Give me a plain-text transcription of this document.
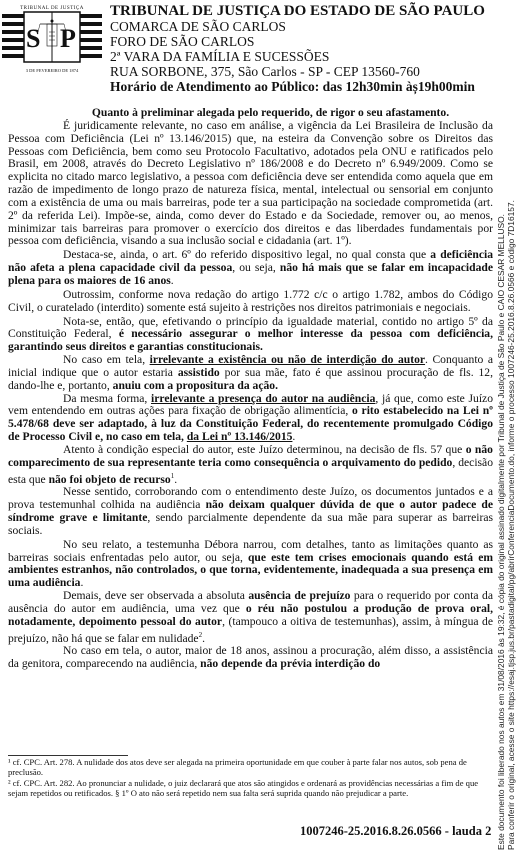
TRIBUNAL DE JUSTIÇA
S P
3 DE FEVEREIRO DE 1874
TRIBUNAL DE JUSTIÇA DO ESTADO DE SÃO PAULO
COMARCA DE SÃO CARLOS
FORO DE SÃO CARLOS
2ª VARA DA FAMÍLIA E SUCESSÕES
RUA SORBONE, 375, São Carlos - SP - CEP 13560-760
Horário de Atendimento ao Público: das 12h30min àș19h00min

Quanto à preliminar alegada pelo requerido, de rigor o seu afastamento.

É juridicamente relevante, no caso em análise, a vigência da Lei Brasileira de Inclusão da Pessoa com Deficiência (Lei nº 13.146/2015) que, na esteira da Convenção sobre os Direitos das Pessoas com Deficiência, bem como seu Protocolo Facultativo, adotados pela ONU e ratificados pelo Brasil, em 2008, através do Decreto Legislativo nº 186/2008 e do Decreto nº 6.949/2009. Como se explicita no citado marco legislativo, a pessoa com deficiência deve ser entendida como aquela que em razão de impedimento de longo prazo de natureza física, mental, intelectual ou sensorial em conjunto com a existência de uma ou mais barreiras, pode ter a sua participação na sociedade comprometida (art. 2º da referida Lei). Impõe-se, ainda, como dever do Estado e da Sociedade, remover ou, ao menos, minimizar tais barreiras para promover o exercício dos direitos e das liberdades fundamentais por pessoa com deficiência, visando a sua inclusão social e cidadania (art. 1º).

Destaca-se, ainda, o art. 6º do referido dispositivo legal, no qual consta que a deficiência não afeta a plena capacidade civil da pessoa, ou seja, não há mais que se falar em incapacidade plena para os maiores de 16 anos.

Outrossim, conforme nova redação do artigo 1.772 c/c o artigo 1.782, ambos do Código Civil, o curatelado (interdito) somente está sujeito à restrições nos direitos patrimoniais e negociais.

Nota-se, então, que, efetivando o princípio da igualdade material, contido no artigo 5º da Constituição Federal, é necessário assegurar o melhor interesse da pessoa com deficiência, garantindo seus direitos e garantias constitucionais.

No caso em tela, irrelevante a existência ou não de interdição do autor. Conquanto a inicial indique que o autor estaria assistido por sua mãe, fato é que assinou procuração de fls. 12, dando-lhe e, portanto, anuiu com a propositura da ação.

Da mesma forma, irrelevante a presença do autor na audiência, já que, como este Juízo vem entendendo em outras ações para fixação de obrigação alimentícia, o rito estabelecido na Lei nº 5.478/68 deve ser adaptado, à luz da Constituição Federal, do recentemente promulgado Código de Processo Civil e, no caso em tela, da Lei nº 13.146/2015.

Atento à condição especial do autor, este Juízo determinou, na decisão de fls. 57 que o não comparecimento de sua representante teria como consequência o arquivamento do pedido, decisão esta que não foi objeto de recurso$^1$.

Nesse sentido, corroborando com o entendimento deste Juízo, os documentos juntados e a prova testemunhal colhida na audiência não deixam qualquer dúvida de que o autor padece de síndrome grave e limitante, sendo parcialmente dependente da sua mãe para superar as barreiras sociais.

No seu relato, a testemunha Débora narrou, com detalhes, tanto as limitações quanto as barreiras sociais enfrentadas pelo autor, ou seja, que este tem crises emocionais quando está em ambientes estranhos, não controlados, o que torna, evidentemente, inadequada a sua presença em uma audiência.

Demais, deve ser observada a absoluta ausência de prejuízo para o requerido por conta da ausência do autor em audiência, uma vez que o réu não postulou a produção de prova oral, notadamente, depoimento pessoal do autor, (tampouco a oitiva de testemunhas), assim, à míngua de prejuízo, não há que se falar em nulidade$^2$.

No caso em tela, o autor, maior de 18 anos, assinou a procuração, além disso, a assistência da genitora, comparecendo na audiência, não depende da prévia interdição do

¹ cf. CPC. Art. 278. A nulidade dos atos deve ser alegada na primeira oportunidade em que couber à parte falar nos autos, sob pena de preclusão.

² cf. CPC. Art. 282. Ao pronunciar a nulidade, o juiz declarará que atos são atingidos e ordenará as providências necessárias a fim de que sejam repetidos ou retificados. § 1º O ato não será repetido nem sua falta será suprida quando não prejudicar a parte.

1007246-25.2016.8.26.0566 - lauda 2 Este documento foi liberado nos autos em 31/08/2016 às 19:32, é cópia do original assinado digitalmente por Tribunal de Justiça de São Paulo e CAIO CESAR MELLUSO. Para conferir o original, acesse o site https://esaj.tjsp.jus.br/pastadigital/pg/abrirConferenciaDocumento.do, informe o processo 1007246-25.2016.8.26.0566 e código 7D16157.
